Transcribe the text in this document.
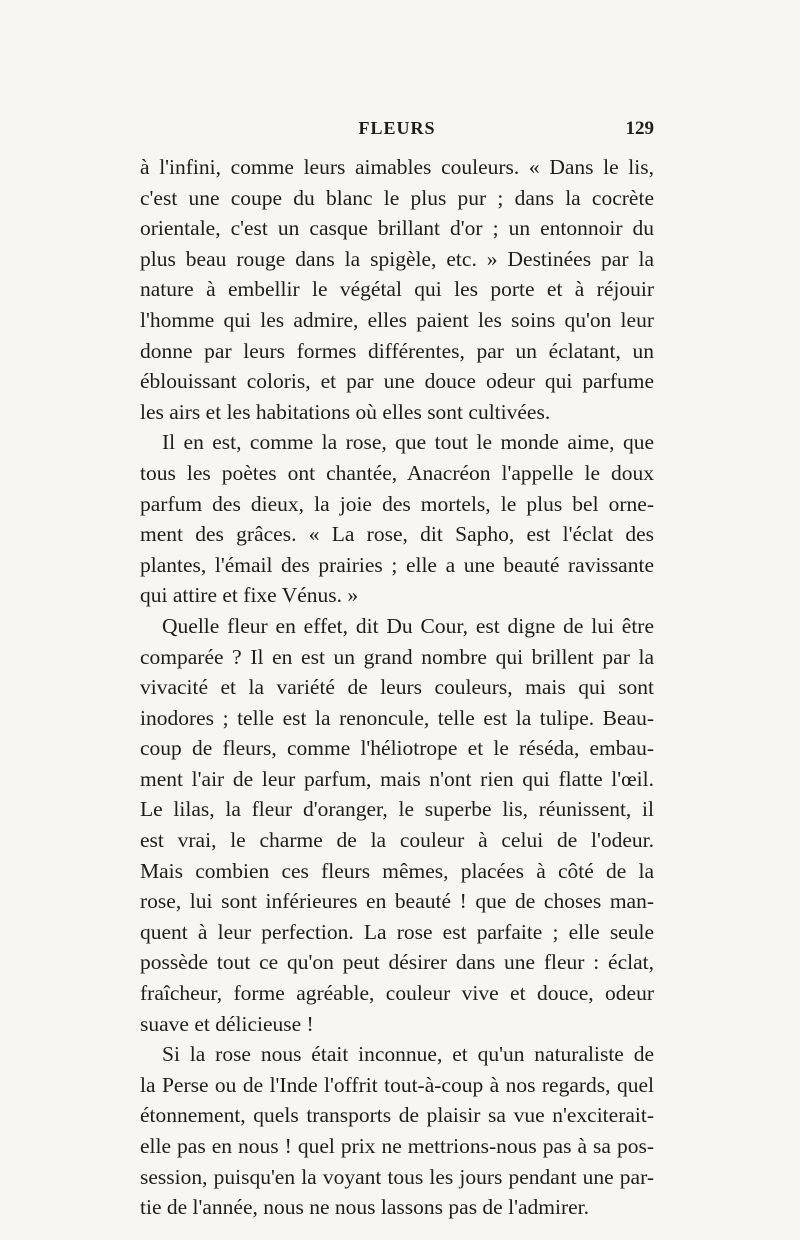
FLEURS	129
à l'infini, comme leurs aimables couleurs. « Dans le lis,
c'est une coupe du blanc le plus pur ; dans la cocrète
orientale, c'est un casque brillant d'or ; un entonnoir du
plus beau rouge dans la spigèle, etc. » Destinées par la
nature à embellir le végétal qui les porte et à réjouir
l'homme qui les admire, elles paient les soins qu'on leur
donne par leurs formes différentes, par un éclatant, un
éblouissant coloris, et par une douce odeur qui parfume
les airs et les habitations où elles sont cultivées.
Il en est, comme la rose, que tout le monde aime, que
tous les poètes ont chantée, Anacréon l'appelle le doux
parfum des dieux, la joie des mortels, le plus bel orne-
ment des grâces. « La rose, dit Sapho, est l'éclat des
plantes, l'émail des prairies ; elle a une beauté ravissante
qui attire et fixe Vénus. »
Quelle fleur en effet, dit Du Cour, est digne de lui être
comparée ? Il en est un grand nombre qui brillent par la
vivacité et la variété de leurs couleurs, mais qui sont
inodores ; telle est la renoncule, telle est la tulipe. Beau-
coup de fleurs, comme l'héliotrope et le réséda, embau-
ment l'air de leur parfum, mais n'ont rien qui flatte l'œil.
Le lilas, la fleur d'oranger, le superbe lis, réunissent, il
est vrai, le charme de la couleur à celui de l'odeur.
Mais combien ces fleurs mêmes, placées à côté de la
rose, lui sont inférieures en beauté ! que de choses man-
quent à leur perfection. La rose est parfaite ; elle seule
possède tout ce qu'on peut désirer dans une fleur : éclat,
fraîcheur, forme agréable, couleur vive et douce, odeur
suave et délicieuse !
Si la rose nous était inconnue, et qu'un naturaliste de
la Perse ou de l'Inde l'offrit tout-à-coup à nos regards, quel
étonnement, quels transports de plaisir sa vue n'exciterait-
elle pas en nous ! quel prix ne mettrions-nous pas à sa pos-
session, puisqu'en la voyant tous les jours pendant une par-
tie de l'année, nous ne nous lassons pas de l'admirer.
